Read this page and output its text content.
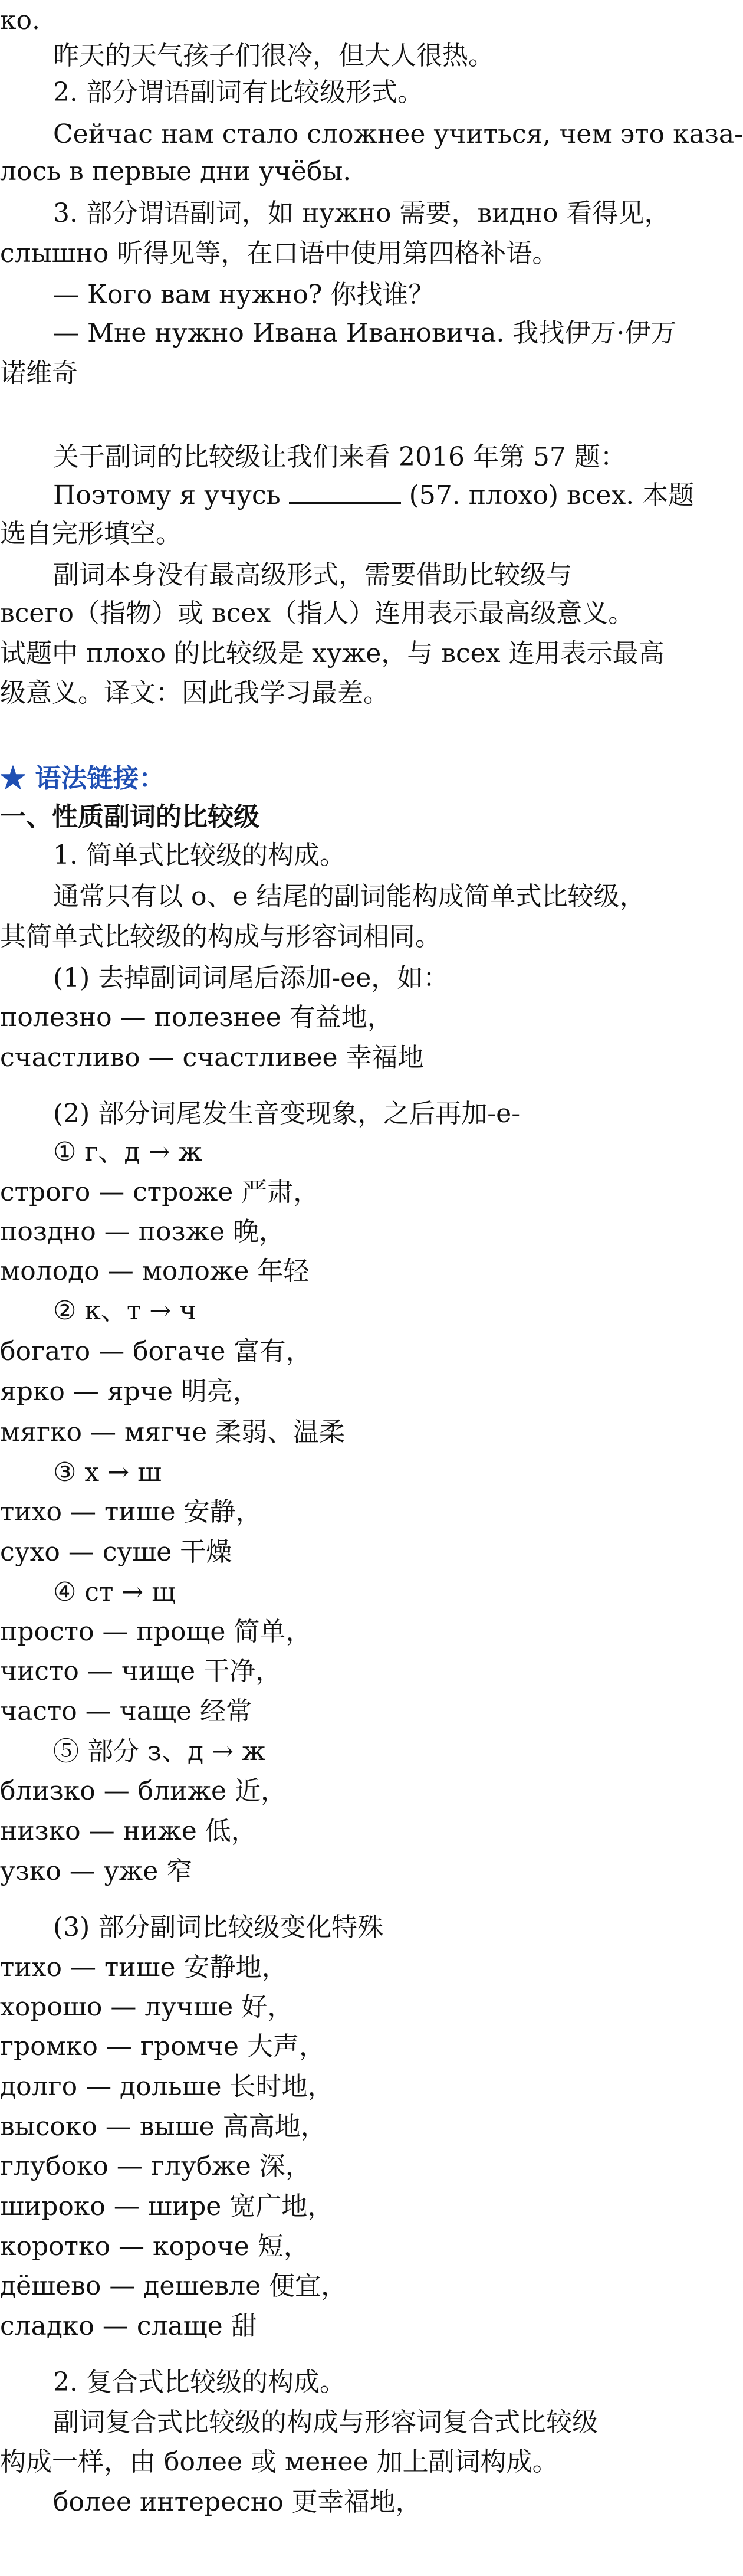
ко.
昨天的天气孩子们很冷，但大人很热。
2. 部分谓语副词有比较级形式。
Сейчас нам стало сложнее учиться, чем это каза-
лось в первые дни учёбы.
3. 部分谓语副词，如 нужно 需要，видно 看得见，
слышно 听得见等，在口语中使用第四格补语。
— Кого вам нужно? 你找谁？
— Мне нужно Ивана Ивановича. 我找伊万·伊万
诺维奇
关于副词的比较级让我们来看 2016 年第 57 题：
Поэтому я учусь	(57. плохо) всех. 本题
选自完形填空。
副词本身没有最高级形式，需要借助比较级与
всего（指物）或 всех（指人）连用表示最高级意义。
试题中 плохо 的比较级是 хуже，与 всех 连用表示最高
级意义。译文：因此我学习最差。
★ 语法链接：
一、性质副词的比较级
1. 简单式比较级的构成。
通常只有以 о、е 结尾的副词能构成简单式比较级，
其简单式比较级的构成与形容词相同。
(1) 去掉副词词尾后添加-ее，如：
полезно — полезнее 有益地，
счастливо — счастливее 幸福地
(2) 部分词尾发生音变现象，之后再加-е-
① г、д → ж
строго — строже 严肃，
поздно — позже 晚，
молодо — моложе 年轻
② к、т → ч
богато — богаче 富有，
ярко — ярче 明亮，
мягко — мягче 柔弱、温柔
③ х → ш
тихо — тише 安静，
сухо — суше 干燥
④ ст → щ
просто — проще 简单，
чисто — чище 干净，
часто — чаще 经常
⑤ 部分 з、д → ж
близко — ближе 近，
низко — ниже 低，
узко — уже 窄
(3) 部分副词比较级变化特殊
тихо — тише 安静地，
хорошо — лучше 好，
громко — громче 大声，
долго — дольше 长时地，
высоко — выше 高高地，
глубоко — глубже 深，
широко — шире 宽广地，
коротко — короче 短，
дёшево — дешевле 便宜，
сладко — слаще 甜
2. 复合式比较级的构成。
副词复合式比较级的构成与形容词复合式比较级
构成一样，由 более 或 менее 加上副词构成。
более интересно 更幸福地，
